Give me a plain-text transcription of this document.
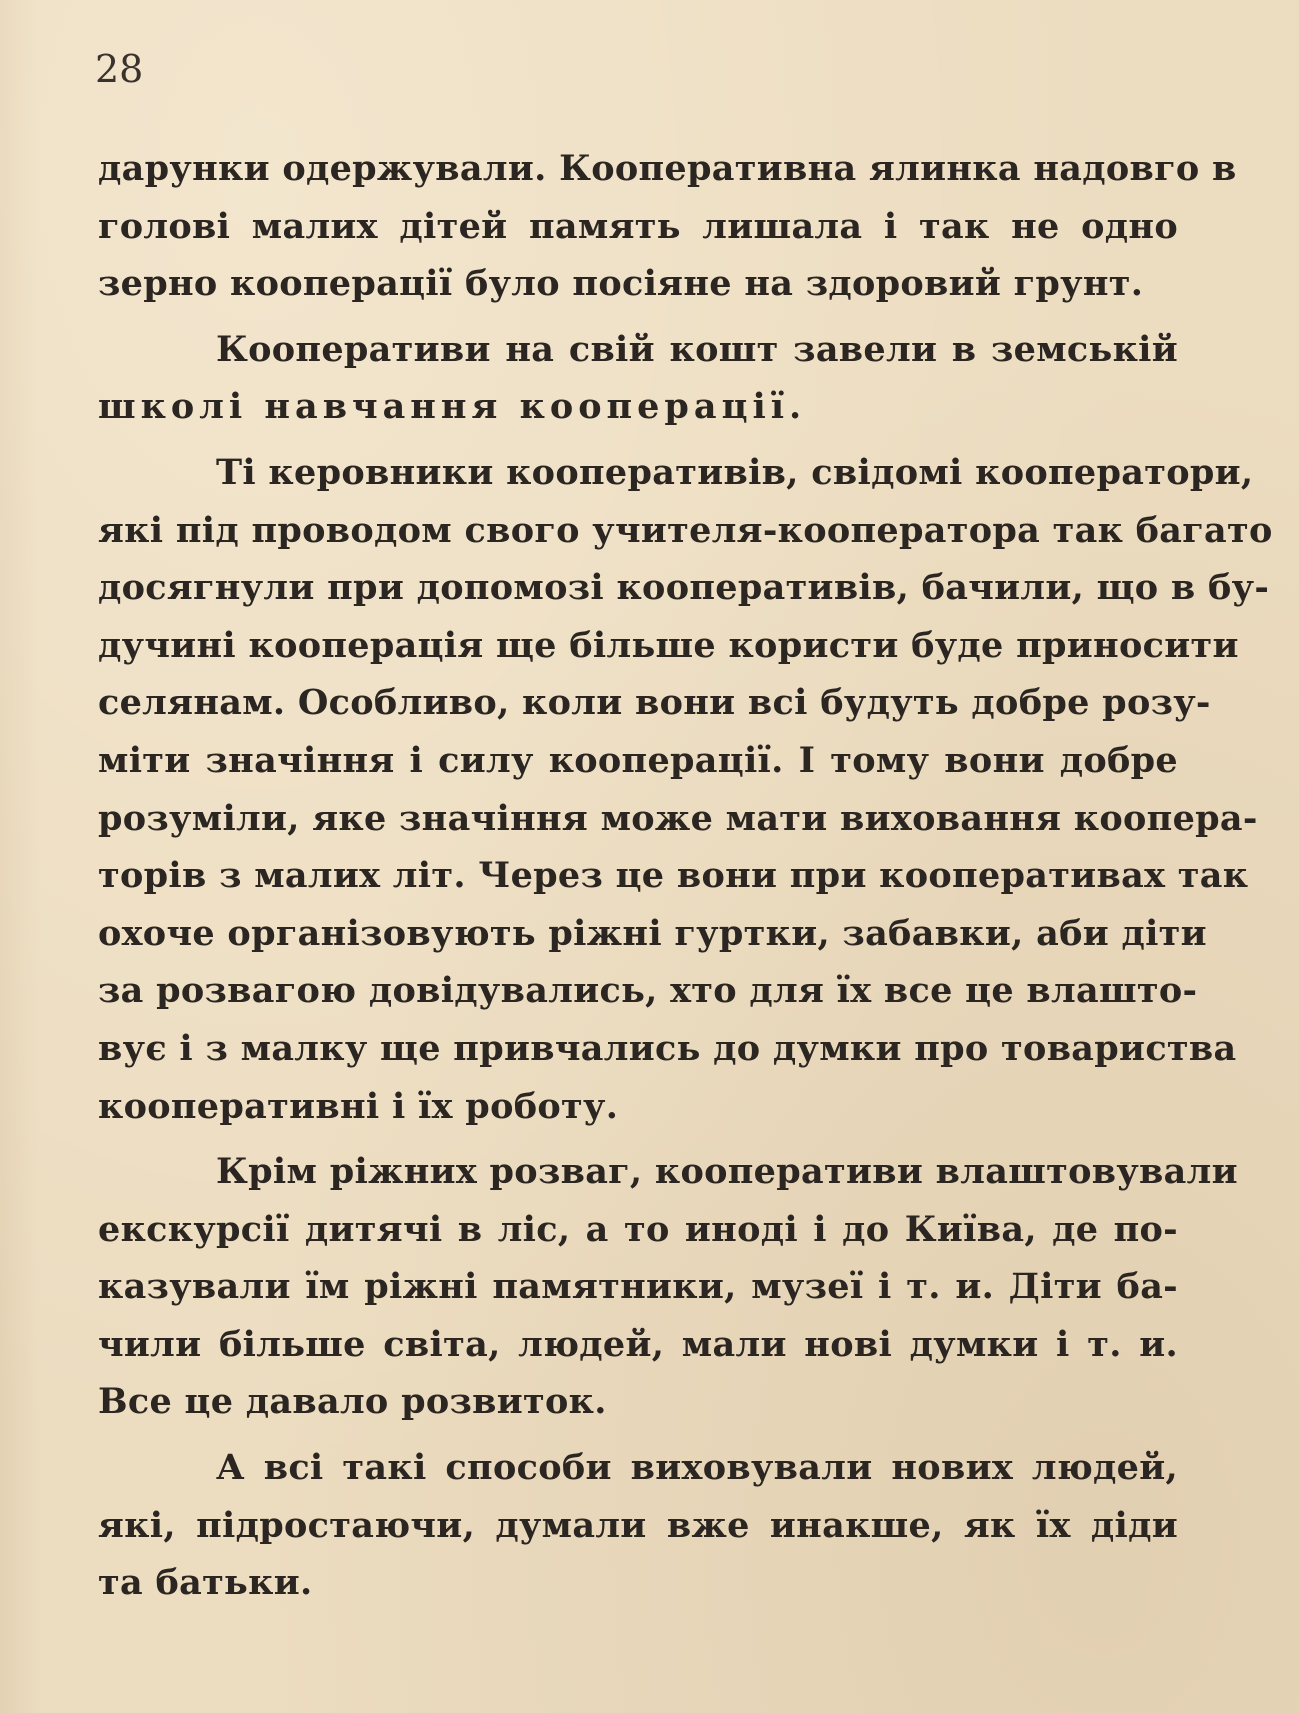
28
дарунки одержували. Кооперативна ялинка надовго в
голові малих дітей память лишала і так не одно
зерно кооперації було посіяне на здоровий грунт.
Кооперативи на свій кошт завели в земській
школі навчання кооперації.
Ті керовники кооперативів, свідомі кооператори,
які під проводом свого учителя-кооператора так багато
досягнули при допомозі кооперативів, бачили, що в бу-
дучині кооперація ще більше користи буде приносити
селянам. Особливо, коли вони всі будуть добре розу-
міти значіння і силу кооперації. І тому вони добре
розуміли, яке значіння може мати виховання коопера-
торів з малих літ. Через це вони при кооперативах так
охоче організовують ріжні гуртки, забавки, аби діти
за розвагою довідувались, хто для їх все це влашто-
вує і з малку ще привчались до думки про товариства
кооперативні і їх роботу.
Крім ріжних розваг, кооперативи влаштовували
екскурсії дитячі в ліс, а то иноді і до Київа, де по-
казували їм ріжні памятники, музеї і т. и. Діти ба-
чили більше світа, людей, мали нові думки і т. и.
Все це давало розвиток.
А всі такі способи виховували нових людей,
які, підростаючи, думали вже инакше, як їх діди
та батьки.
